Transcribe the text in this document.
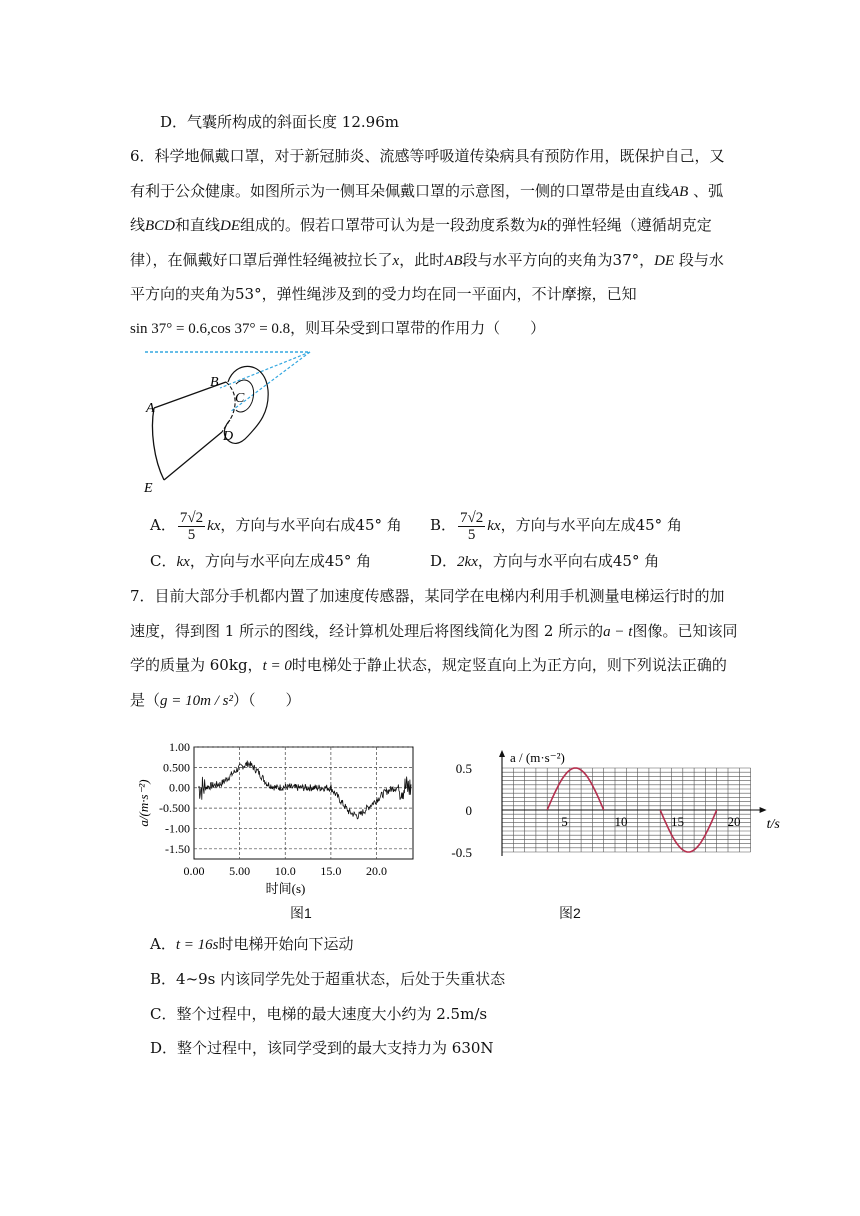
D．气囊所构成的斜面长度 12.96m
6．科学地佩戴口罩，对于新冠肺炎、流感等呼吸道传染病具有预防作用，既保护自己，又
有利于公众健康。如图所示为一侧耳朵佩戴口罩的示意图，一侧的口罩带是由直线AB 、弧
线BCD和直线DE组成的。假若口罩带可认为是一段劲度系数为k的弹性轻绳（遵循胡克定
律），在佩戴好口罩后弹性轻绳被拉长了x，此时AB段与水平方向的夹角为37°，DE 段与水
平方向的夹角为53°，弹性绳涉及到的受力均在同一平面内，不计摩擦，已知
sin 37° = 0.6,cos 37° = 0.8，则耳朵受到口罩带的作用力（　　）
A
B
C
D
E
A． $\frac{7√2}{5}$ kx，方向与水平向右成45° 角 B． $\frac{7√2}{5}$ kx，方向与水平向左成45° 角
C．kx，方向与水平向左成45° 角	D．2kx，方向与水平向右成45° 角
7．目前大部分手机都内置了加速度传感器，某同学在电梯内利用手机测量电梯运行时的加
速度，得到图 1 所示的图线，经计算机处理后将图线简化为图 2 所示的a − t图像。已知该同
学的质量为 60kg，t = 0时电梯处于静止状态，规定竖直向上为正方向，则下列说法正确的
是（g = 10m / s²）（　　）
1.00
0.500
0.00
-0.500
-1.00
-1.50
0.00 5.00 10.0 15.0 20.0
时间(s)
a/(m·s⁻²)
图1
0.5
0
-0.5
5	10	15	20 t/s
a / (m·s⁻²)
图2
A．t = 16s时电梯开始向下运动
B．4~9s 内该同学先处于超重状态，后处于失重状态
C．整个过程中，电梯的最大速度大小约为 2.5m/s
D．整个过程中，该同学受到的最大支持力为 630N
